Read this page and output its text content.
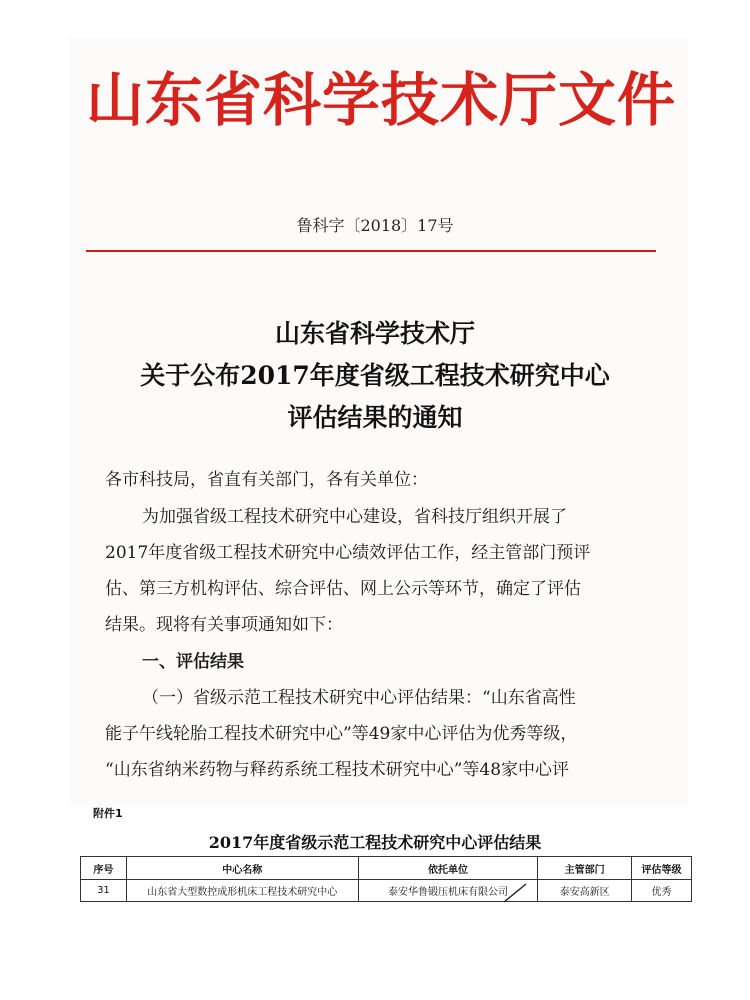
山东省科学技术厅文件
鲁科字〔2018〕17号
山东省科学技术厅
关于公布2017年度省级工程技术研究中心
评估结果的通知
各市科技局，省直有关部门，各有关单位：
为加强省级工程技术研究中心建设，省科技厅组织开展了
2017年度省级工程技术研究中心绩效评估工作，经主管部门预评
估、第三方机构评估、综合评估、网上公示等环节，确定了评估
结果。现将有关事项通知如下：
一、评估结果
（一）省级示范工程技术研究中心评估结果：“山东省高性
能子午线轮胎工程技术研究中心”等49家中心评估为优秀等级，
“山东省纳米药物与释药系统工程技术研究中心”等48家中心评
附件1
2017年度省级示范工程技术研究中心评估结果
序号	中心名称	依托单位	主管部门	评估等级
31	山东省大型数控成形机床工程技术研究中心	泰安华鲁锻压机床有限公司	泰安高新区	优秀
